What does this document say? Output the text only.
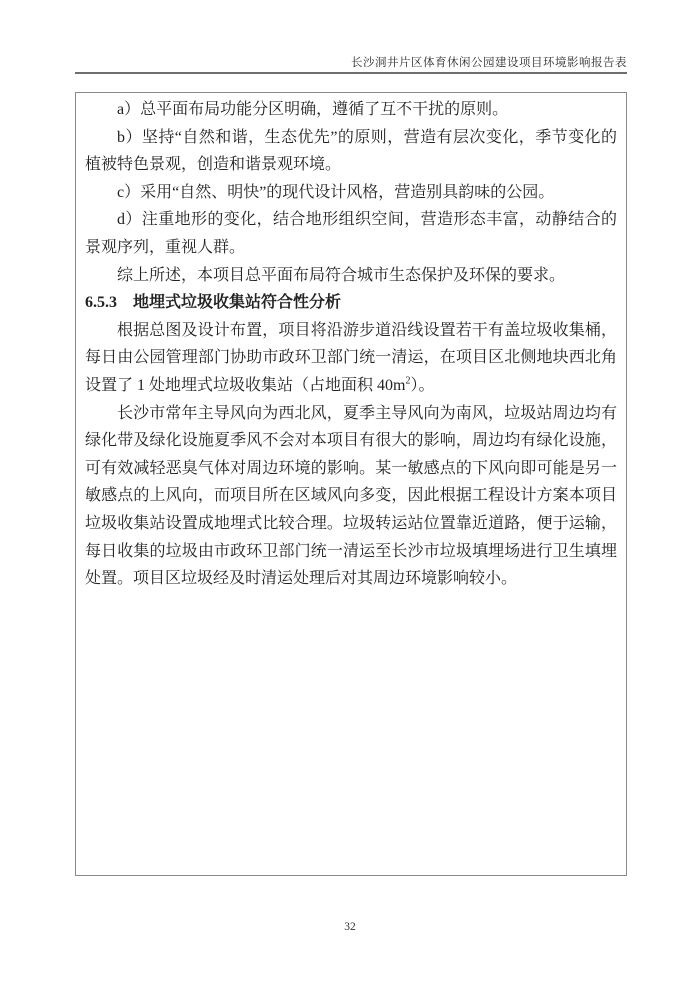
长沙洞井片区体育休闲公园建设项目环境影响报告表

a）总平面布局功能分区明确，遵循了互不干扰的原则。

b）坚持“自然和谐，生态优先”的原则，营造有层次变化，季节变化的植被特色景观，创造和谐景观环境。

c）采用“自然、明快”的现代设计风格，营造别具韵味的公园。

d）注重地形的变化，结合地形组织空间，营造形态丰富，动静结合的景观序列，重视人群。

综上所述，本项目总平面布局符合城市生态保护及环保的要求。

6.5.3　地埋式垃圾收集站符合性分析

根据总图及设计布置，项目将沿游步道沿线设置若干有盖垃圾收集桶，每日由公园管理部门协助市政环卫部门统一清运，在项目区北侧地块西北角设置了 1 处地埋式垃圾收集站（占地面积 $40m^2$）。

长沙市常年主导风向为西北风，夏季主导风向为南风，垃圾站周边均有绿化带及绿化设施夏季风不会对本项目有很大的影响，周边均有绿化设施，可有效减轻恶臭气体对周边环境的影响。某一敏感点的下风向即可能是另一敏感点的上风向，而项目所在区域风向多变，因此根据工程设计方案本项目垃圾收集站设置成地埋式比较合理。垃圾转运站位置靠近道路，便于运输，每日收集的垃圾由市政环卫部门统一清运至长沙市垃圾填埋场进行卫生填埋处置。项目区垃圾经及时清运处理后对其周边环境影响较小。

32
